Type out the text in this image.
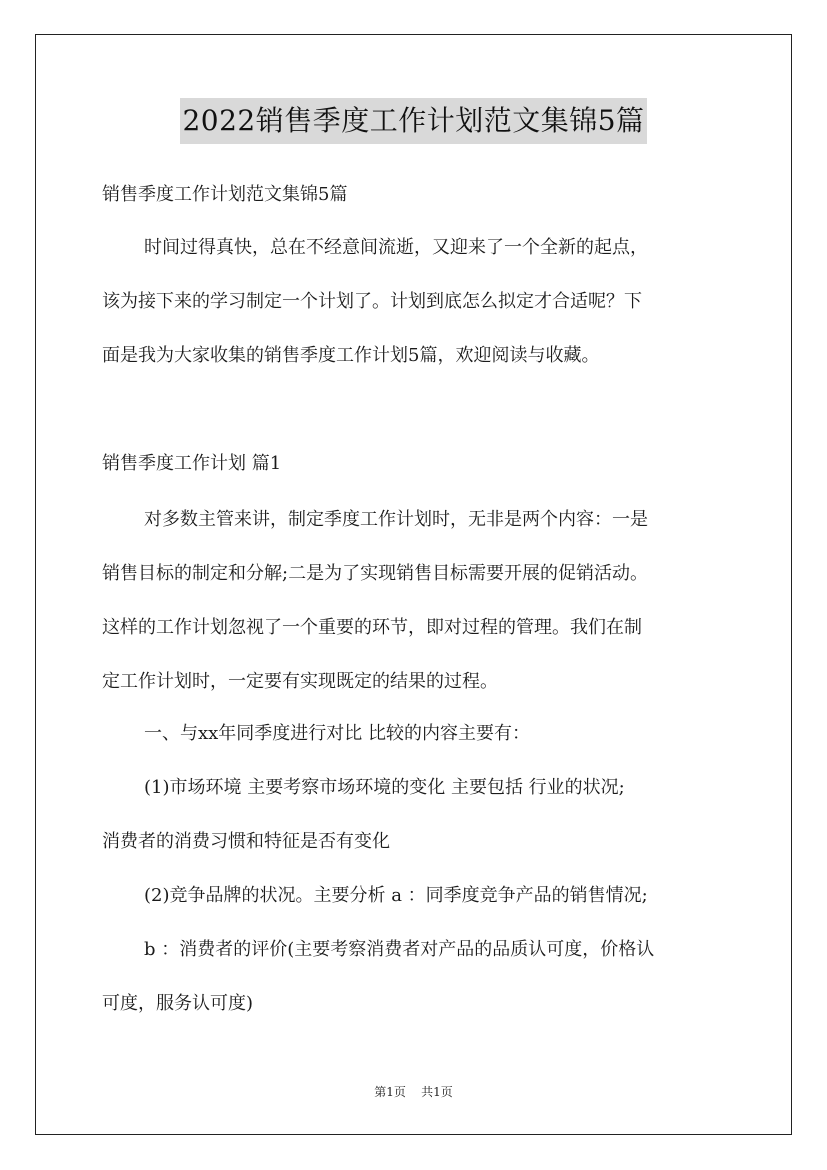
2022销售季度工作计划范文集锦5篇
销售季度工作计划范文集锦5篇
时间过得真快，总在不经意间流逝，又迎来了一个全新的起点，
该为接下来的学习制定一个计划了。计划到底怎么拟定才合适呢？下
面是我为大家收集的销售季度工作计划5篇，欢迎阅读与收藏。
销售季度工作计划 篇1
对多数主管来讲，制定季度工作计划时，无非是两个内容：一是
销售目标的制定和分解;二是为了实现销售目标需要开展的促销活动。
这样的工作计划忽视了一个重要的环节，即对过程的管理。我们在制
定工作计划时，一定要有实现既定的结果的过程。
一、与xx年同季度进行对比 比较的内容主要有：
(1)市场环境 主要考察市场环境的变化 主要包括 行业的状况;
消费者的消费习惯和特征是否有变化
(2)竞争品牌的状况。主要分析 a ：同季度竞争产品的销售情况;
b ：消费者的评价(主要考察消费者对产品的品质认可度，价格认
可度，服务认可度)
第1页 共1页
